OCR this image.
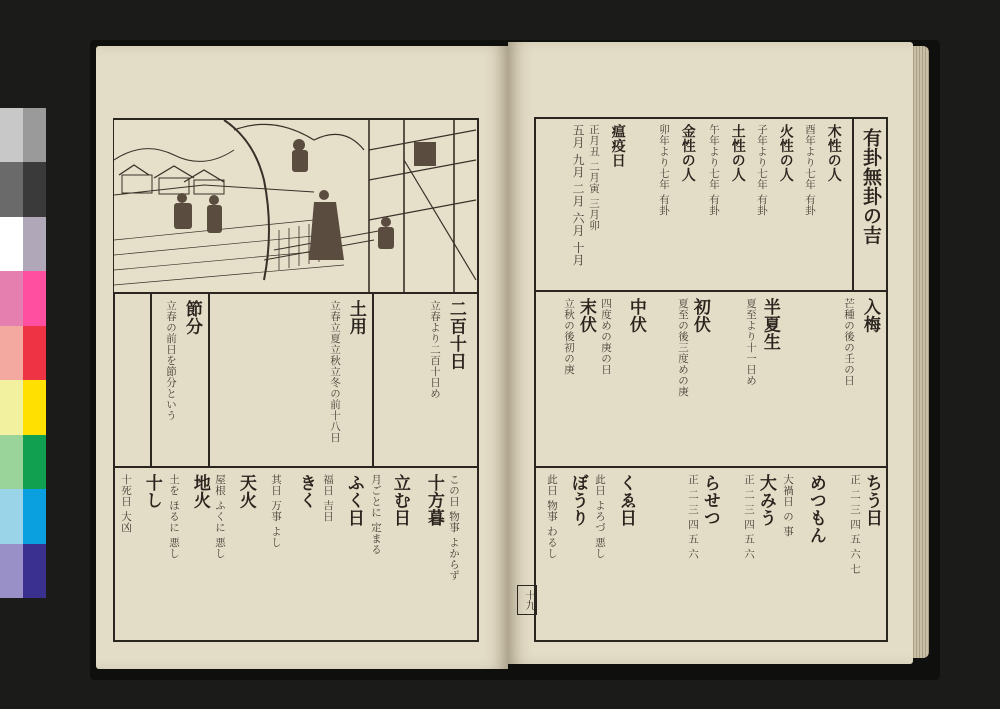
二百十日
立春より二百十日め
土用
立春立夏立秋立冬の前十八日
節分
立春の前日を節分という
この日 物事 よからず
十方暮
立む日
月ごとに 定まる
ふく日
福日 吉日
きく
其日 万事 よし
天火
屋根 ふくに 悪し
地火
土を ほるに 悪し
十し
十死日 大凶
有卦無卦の吉
木性の人
酉年より七年 有卦
火性の人
子年より七年 有卦
土性の人
午年より七年 有卦
金性の人
卯年より七年 有卦
瘟疫日
正月丑 二月寅 三月卯
五月 九月 二月 六月 十月
入梅
芒種の後の壬の日
半夏生
夏至より十一日め
初伏
夏至の後三度めの庚
中伏
四度めの庚の日
末伏
立秋の後初の庚
ちう日
正 二 三 四 五 六 七
めつもん
大禍日 の 事
大みう
正 二 三 四 五 六
らせつ
正 二 三 四 五 六
くゑ日
此日 よろづ 悪し
ぼうり
此日 物事 わるし
十九
